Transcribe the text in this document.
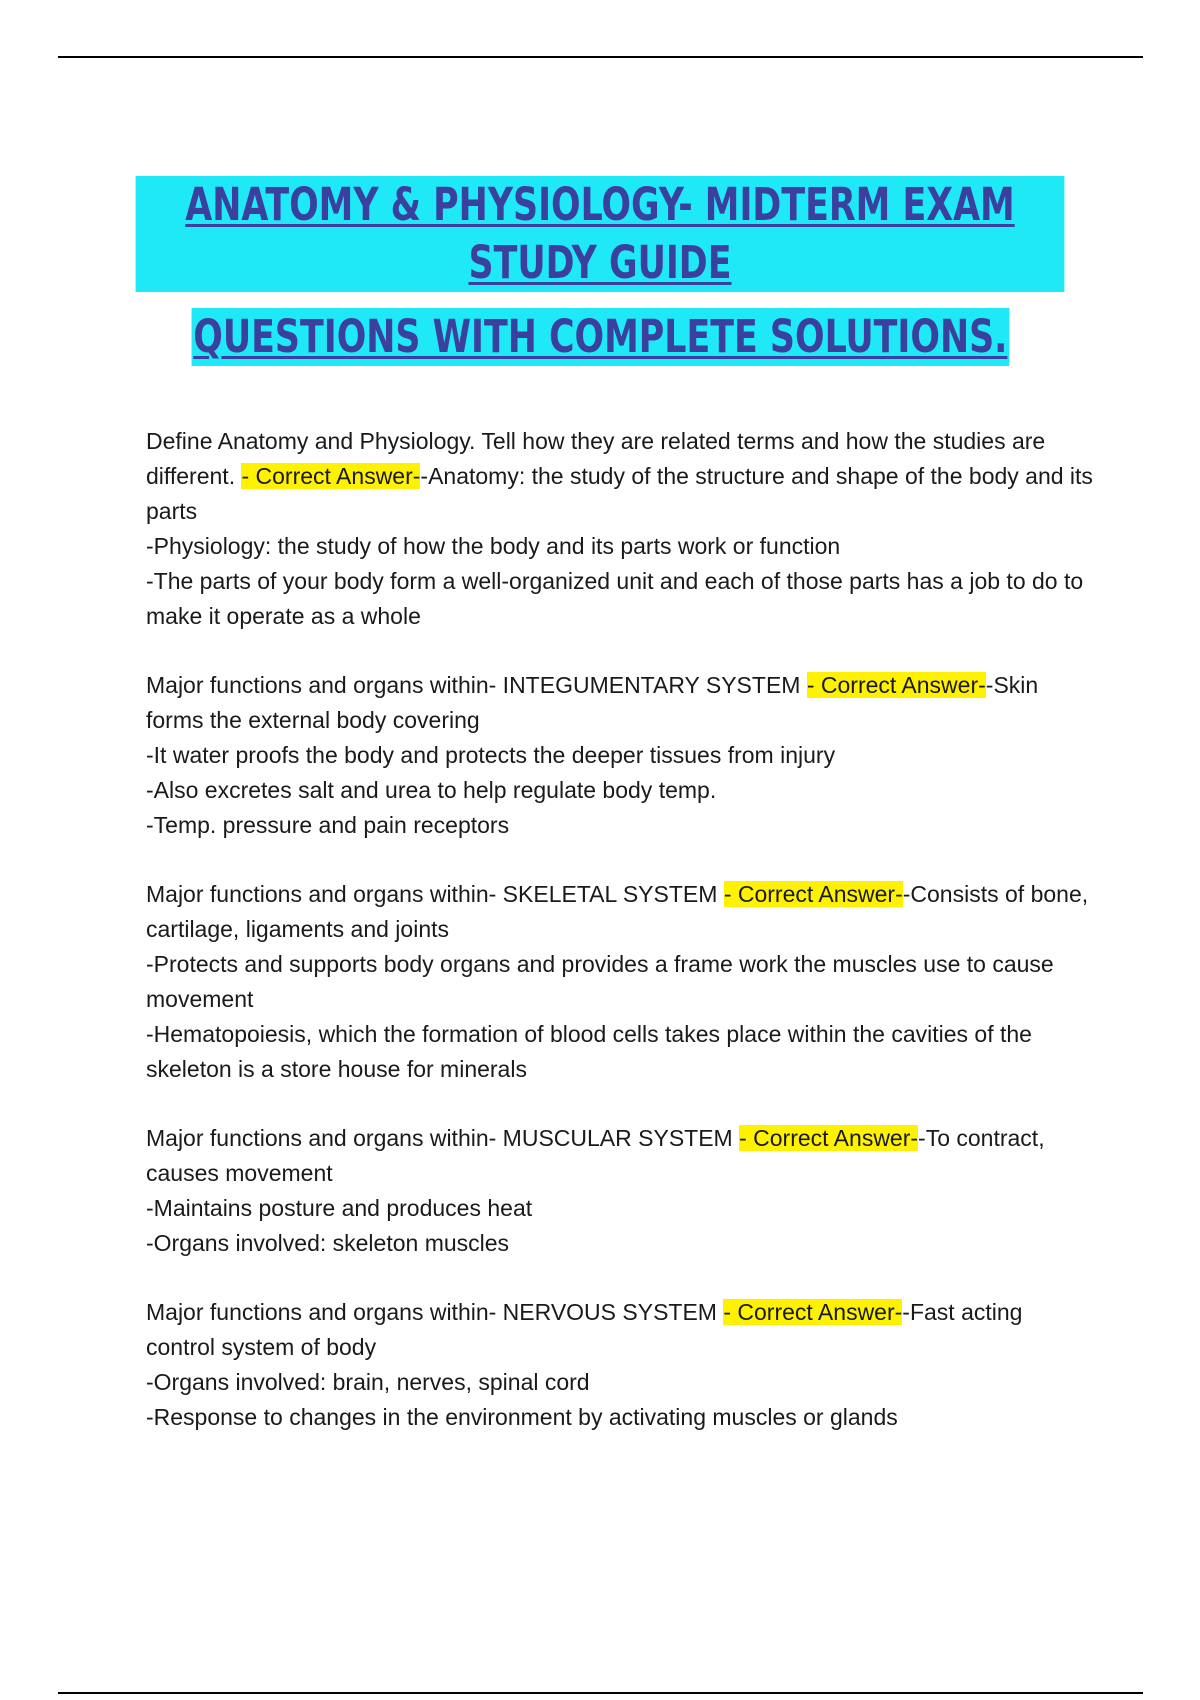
ANATOMY & PHYSIOLOGY- MIDTERM EXAM STUDY GUIDE
QUESTIONS WITH COMPLETE SOLUTIONS.

Define Anatomy and Physiology. Tell how they are related terms and how the studies are different. - Correct Answer--Anatomy: the study of the structure and shape of the body and its parts

-Physiology: the study of how the body and its parts work or function

-The parts of your body form a well-organized unit and each of those parts has a job to do to make it operate as a whole

Major functions and organs within- INTEGUMENTARY SYSTEM - Correct Answer--Skin forms the external body covering

-It water proofs the body and protects the deeper tissues from injury

-Also excretes salt and urea to help regulate body temp.

-Temp. pressure and pain receptors

Major functions and organs within- SKELETAL SYSTEM - Correct Answer--Consists of bone, cartilage, ligaments and joints

-Protects and supports body organs and provides a frame work the muscles use to cause movement

-Hematopoiesis, which the formation of blood cells takes place within the cavities of the skeleton is a store house for minerals

Major functions and organs within- MUSCULAR SYSTEM - Correct Answer--To contract, causes movement

-Maintains posture and produces heat

-Organs involved: skeleton muscles

Major functions and organs within- NERVOUS SYSTEM - Correct Answer--Fast acting control system of body

-Organs involved: brain, nerves, spinal cord

-Response to changes in the environment by activating muscles or glands
